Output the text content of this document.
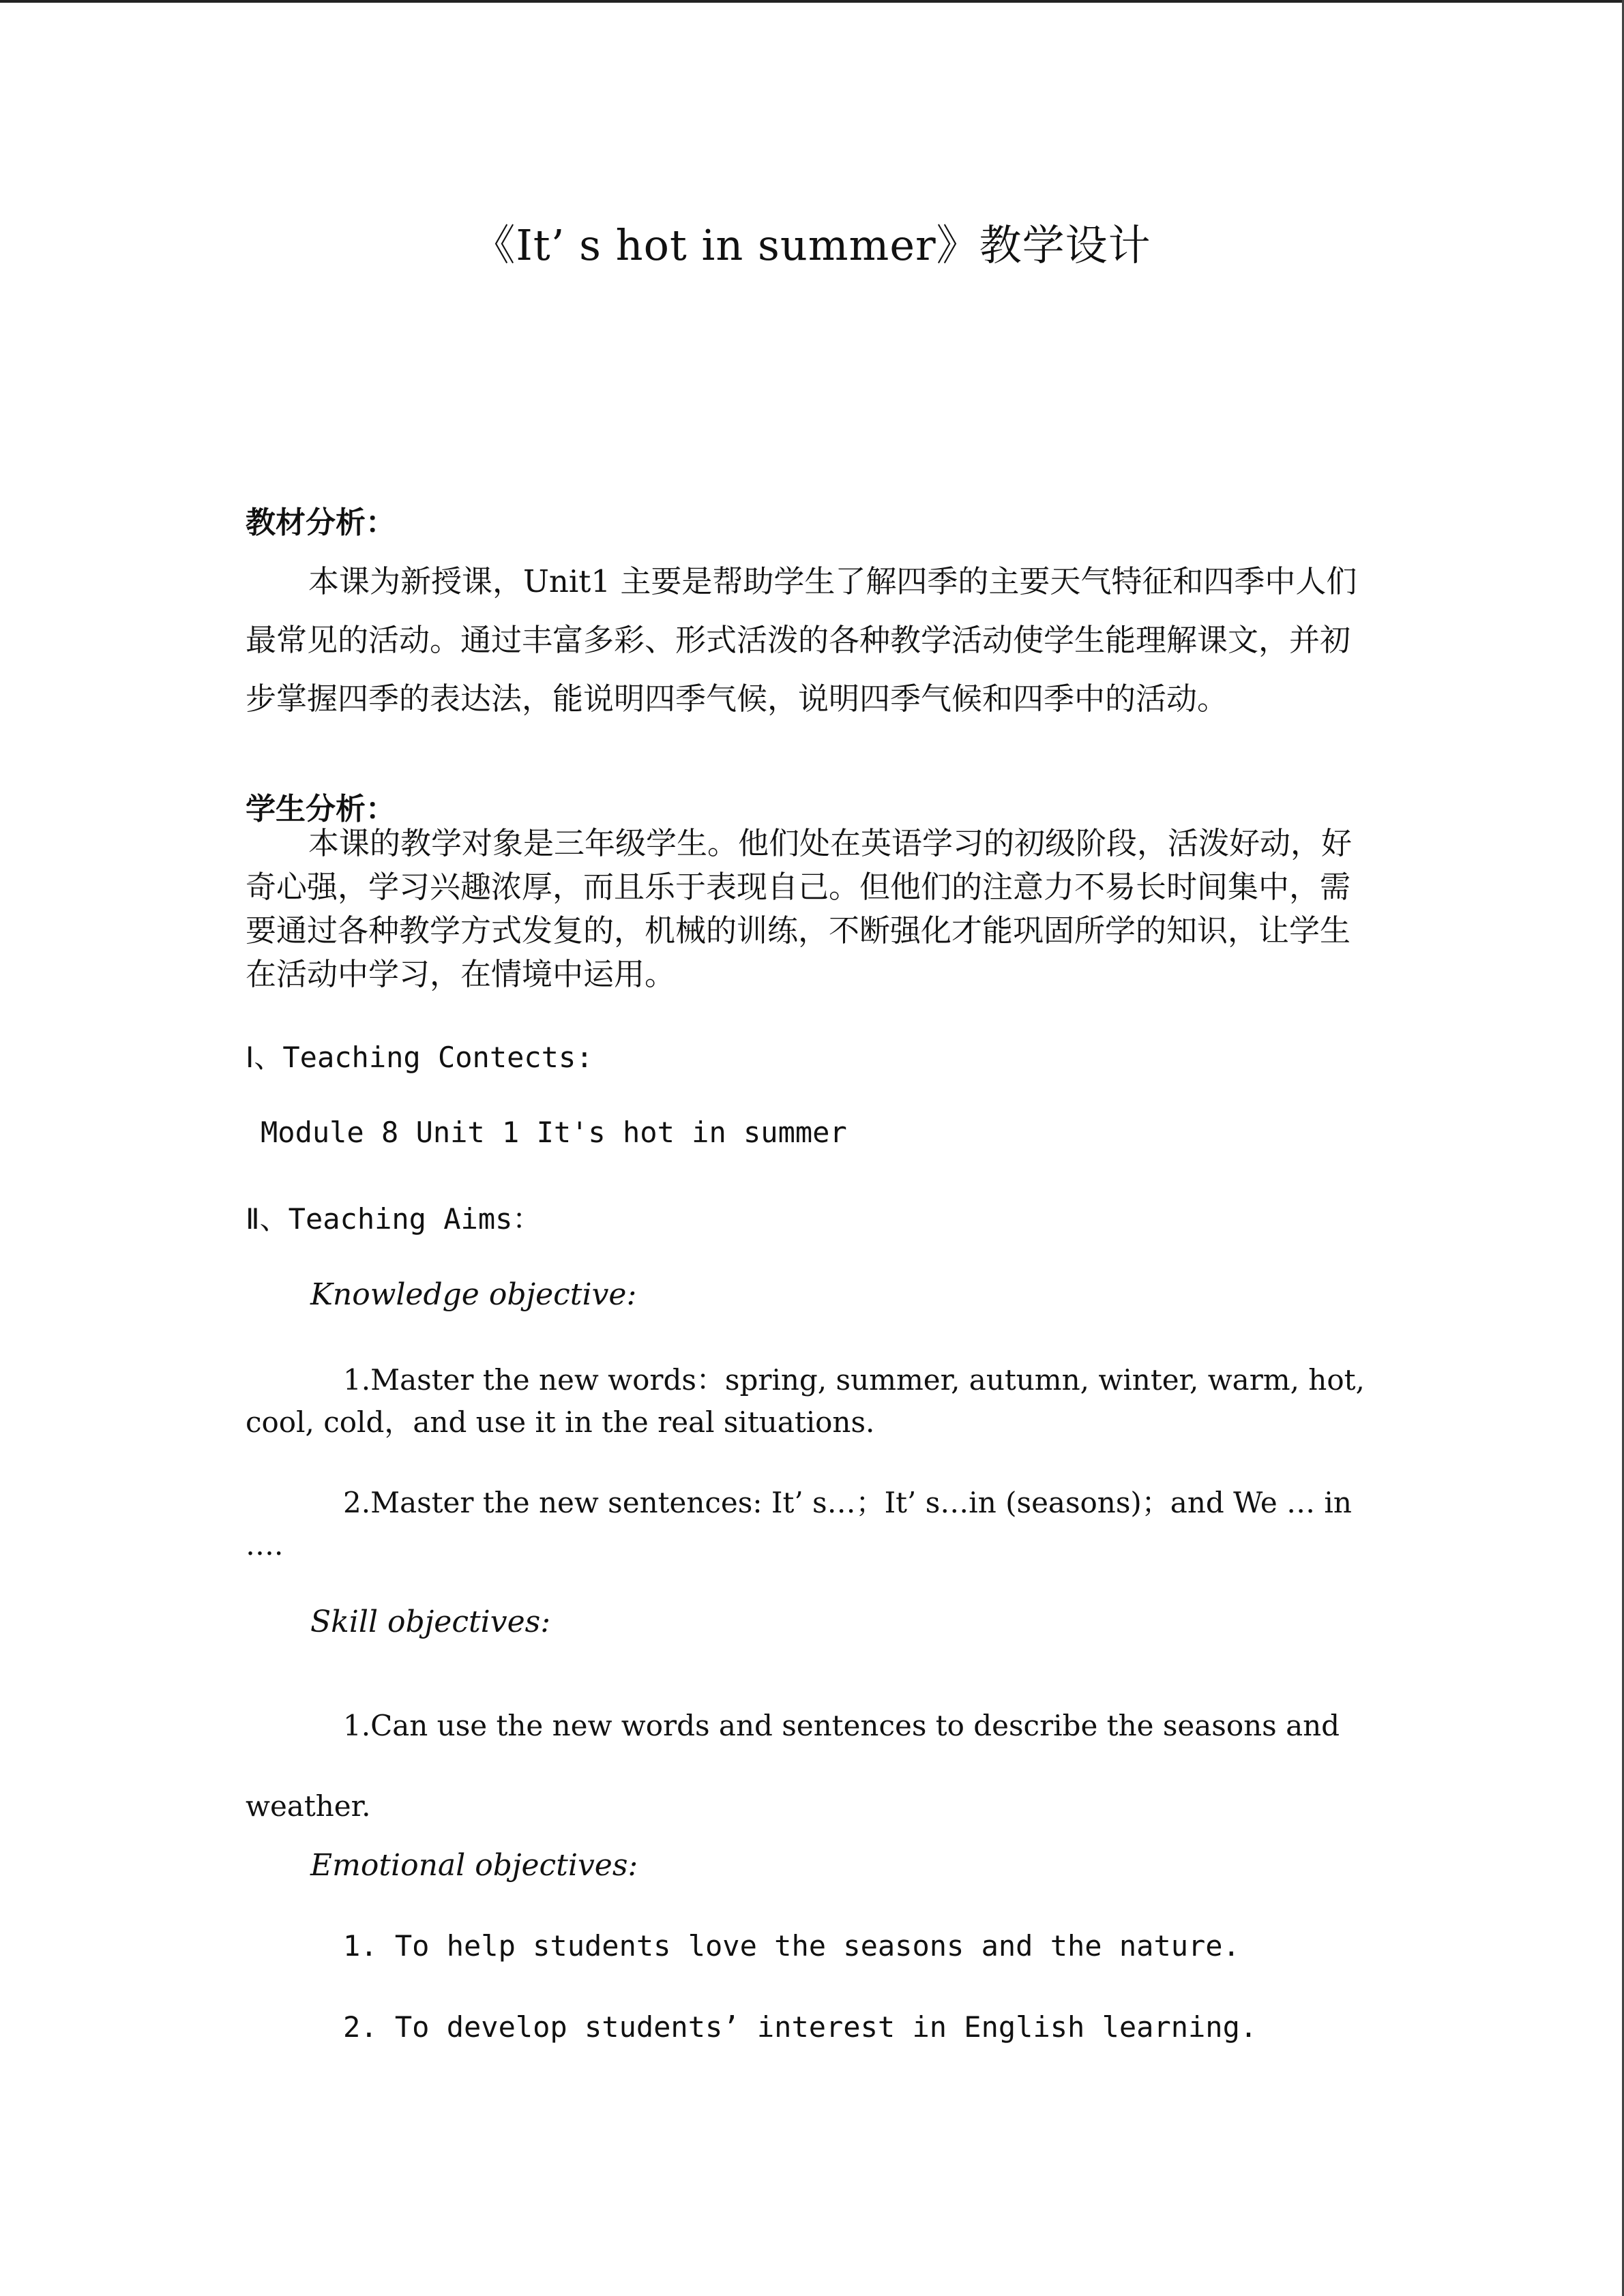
《It’ s hot in summer》教学设计
教材分析：
本课为新授课，Unit1 主要是帮助学生了解四季的主要天气特征和四季中人们最常见的活动。通过丰富多彩、形式活泼的各种教学活动使学生能理解课文，并初步掌握四季的表达法，能说明四季气候，说明四季气候和四季中的活动。
学生分析：
本课的教学对象是三年级学生。他们处在英语学习的初级阶段，活泼好动，好奇心强，学习兴趣浓厚，而且乐于表现自己。但他们的注意力不易长时间集中，需要通过各种教学方式发复的，机械的训练，不断强化才能巩固所学的知识，让学生在活动中学习，在情境中运用。
Ⅰ、Teaching Contects:
Module 8 Unit 1 It's hot in summer
Ⅱ、Teaching Aims：
Knowledge objective:
1.Master the new words：spring, summer, autumn, winter, warm, hot, cool, cold，and use it in the real situations.
2.Master the new sentences: It’ s…；It’ s…in (seasons)；and We … in ….
Skill objectives:
1.Can use the new words and sentences to describe the seasons and weather.
Emotional objectives:
1. To help students love the seasons and the nature.
2. To develop students’ interest in English learning.
